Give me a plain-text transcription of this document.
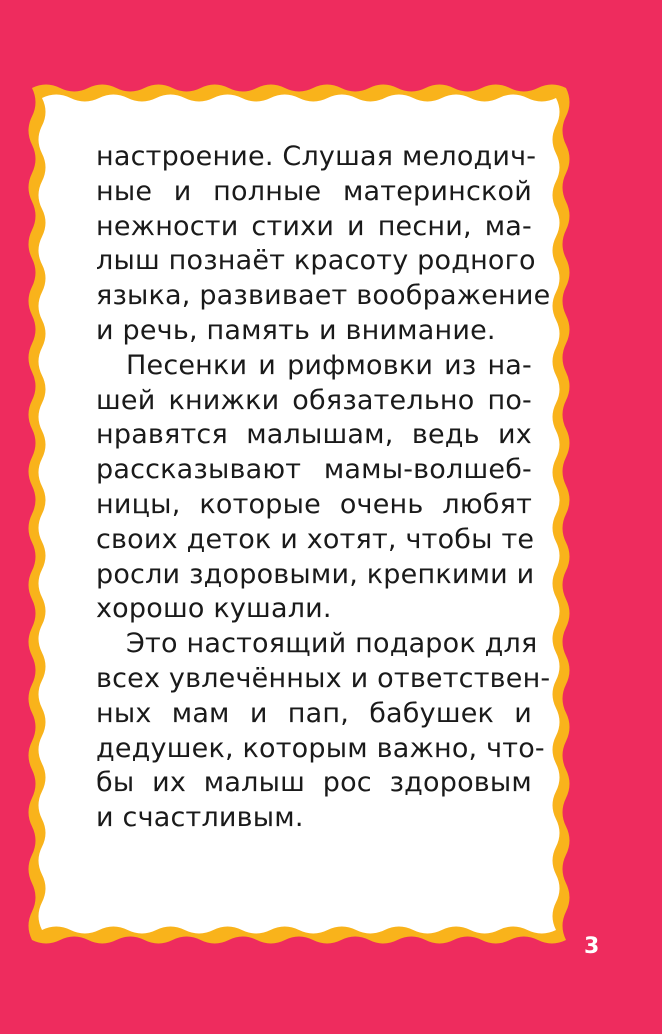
настроение. Слушая мелодич-
ные и полные материнской
нежности стихи и песни, ма-
лыш познаёт красоту родного
языка, развивает воображение
и речь, память и внимание.
Песенки и рифмовки из на-
шей книжки обязательно по-
нравятся малышам, ведь их
рассказывают мамы-волшеб-
ницы, которые очень любят
своих деток и хотят, чтобы те
росли здоровыми, крепкими и
хорошо кушали.
Это настоящий подарок для
всех увлечённых и ответствен-
ных мам и пап, бабушек и
дедушек, которым важно, что-
бы их малыш рос здоровым
и счастливым.
3
